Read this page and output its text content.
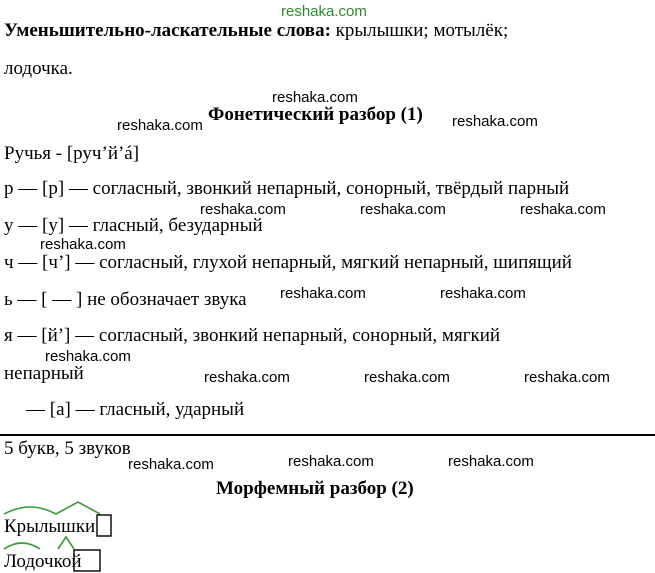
reshaka.com
reshaka.com
reshaka.com	reshaka.com
reshaka.com	reshaka.com	reshaka.com
reshaka.com
reshaka.com	reshaka.com
reshaka.com
reshaka.com	reshaka.com	reshaka.com
reshaka.com	reshaka.com	reshaka.com
Уменьшительно-ласкательные слова: крылышки; мотылёк;
лодочка.
Фонетический разбор (1)
Ручья - [руч’й’á]
р — [р] — согласный, звонкий непарный, сонорный, твёрдый парный
у — [у] — гласный, безударный
ч — [ч’] — согласный, глухой непарный, мягкий непарный, шипящий
ь — [ — ] не обозначает звука
я — [й’] — согласный, звонкий непарный, сонорный, мягкий
непарный
— [а] — гласный, ударный
5 букв, 5 звуков
Морфемный разбор (2)
Крылышки
Лодочкой
